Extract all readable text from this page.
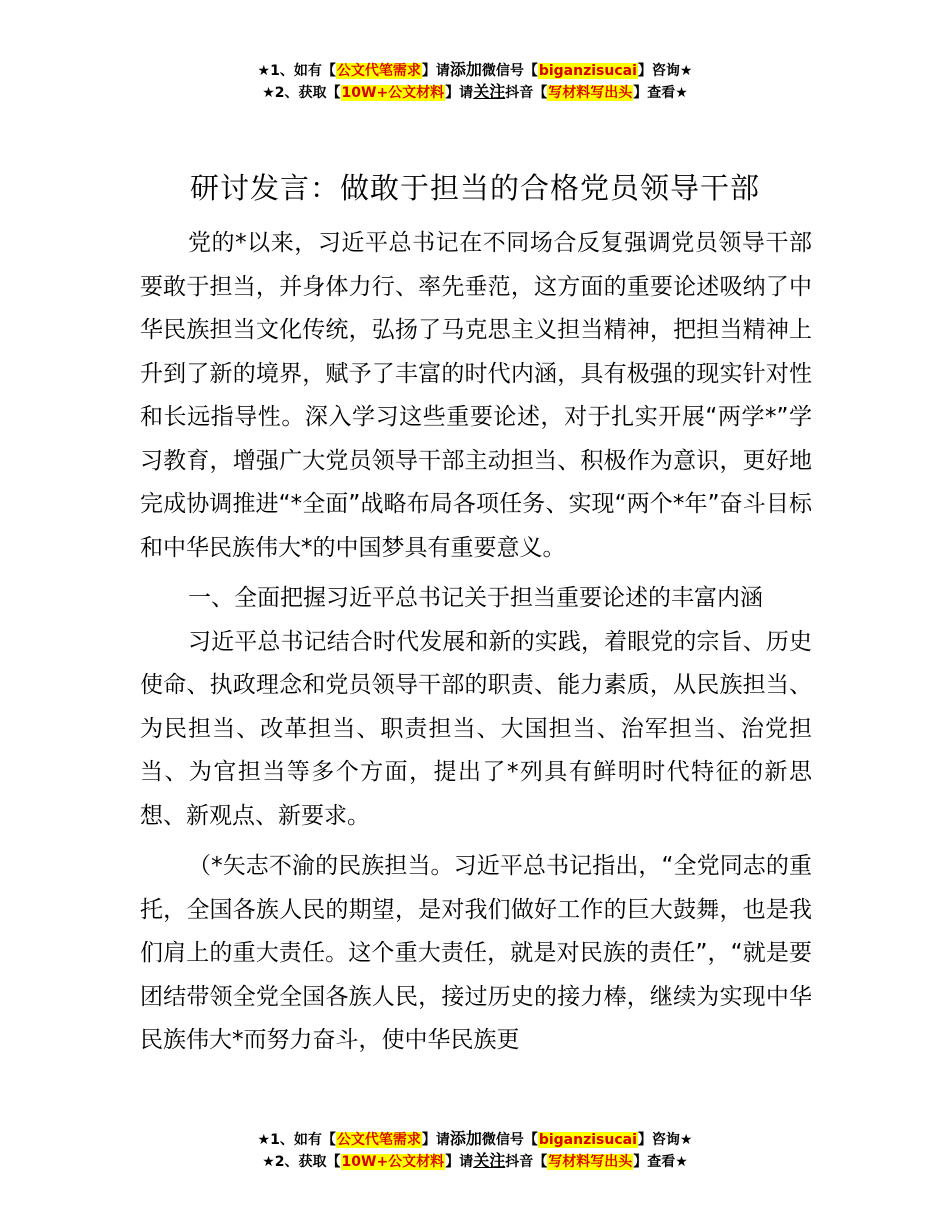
★1、如有【公文代笔需求】请添加微信号【biganzisucai】咨询★
★2、获取【10W+公文材料】请关注抖音【写材料写出头】查看★
研讨发言：做敢于担当的合格党员领导干部

党的*以来，习近平总书记在不同场合反复强调党员领导干部要敢于担当，并身体力行、率先垂范，这方面的重要论述吸纳了中华民族担当文化传统，弘扬了马克思主义担当精神，把担当精神上升到了新的境界，赋予了丰富的时代内涵，具有极强的现实针对性和长远指导性。深入学习这些重要论述，对于扎实开展“两学*”学习教育，增强广大党员领导干部主动担当、积极作为意识，更好地完成协调推进“*全面”战略布局各项任务、实现“两个*年”奋斗目标和中华民族伟大*的中国梦具有重要意义。

一、全面把握习近平总书记关于担当重要论述的丰富内涵

习近平总书记结合时代发展和新的实践，着眼党的宗旨、历史使命、执政理念和党员领导干部的职责、能力素质，从民族担当、为民担当、改革担当、职责担当、大国担当、治军担当、治党担当、为官担当等多个方面，提出了*列具有鲜明时代特征的新思想、新观点、新要求。

（*矢志不渝的民族担当。习近平总书记指出，“全党同志的重托，全国各族人民的期望，是对我们做好工作的巨大鼓舞，也是我们肩上的重大责任。这个重大责任，就是对民族的责任”，“就是要团结带领全党全国各族人民，接过历史的接力棒，继续为实现中华民族伟大*而努力奋斗，使中华民族更

★1、如有【公文代笔需求】请添加微信号【biganzisucai】咨询★
★2、获取【10W+公文材料】请关注抖音【写材料写出头】查看★
